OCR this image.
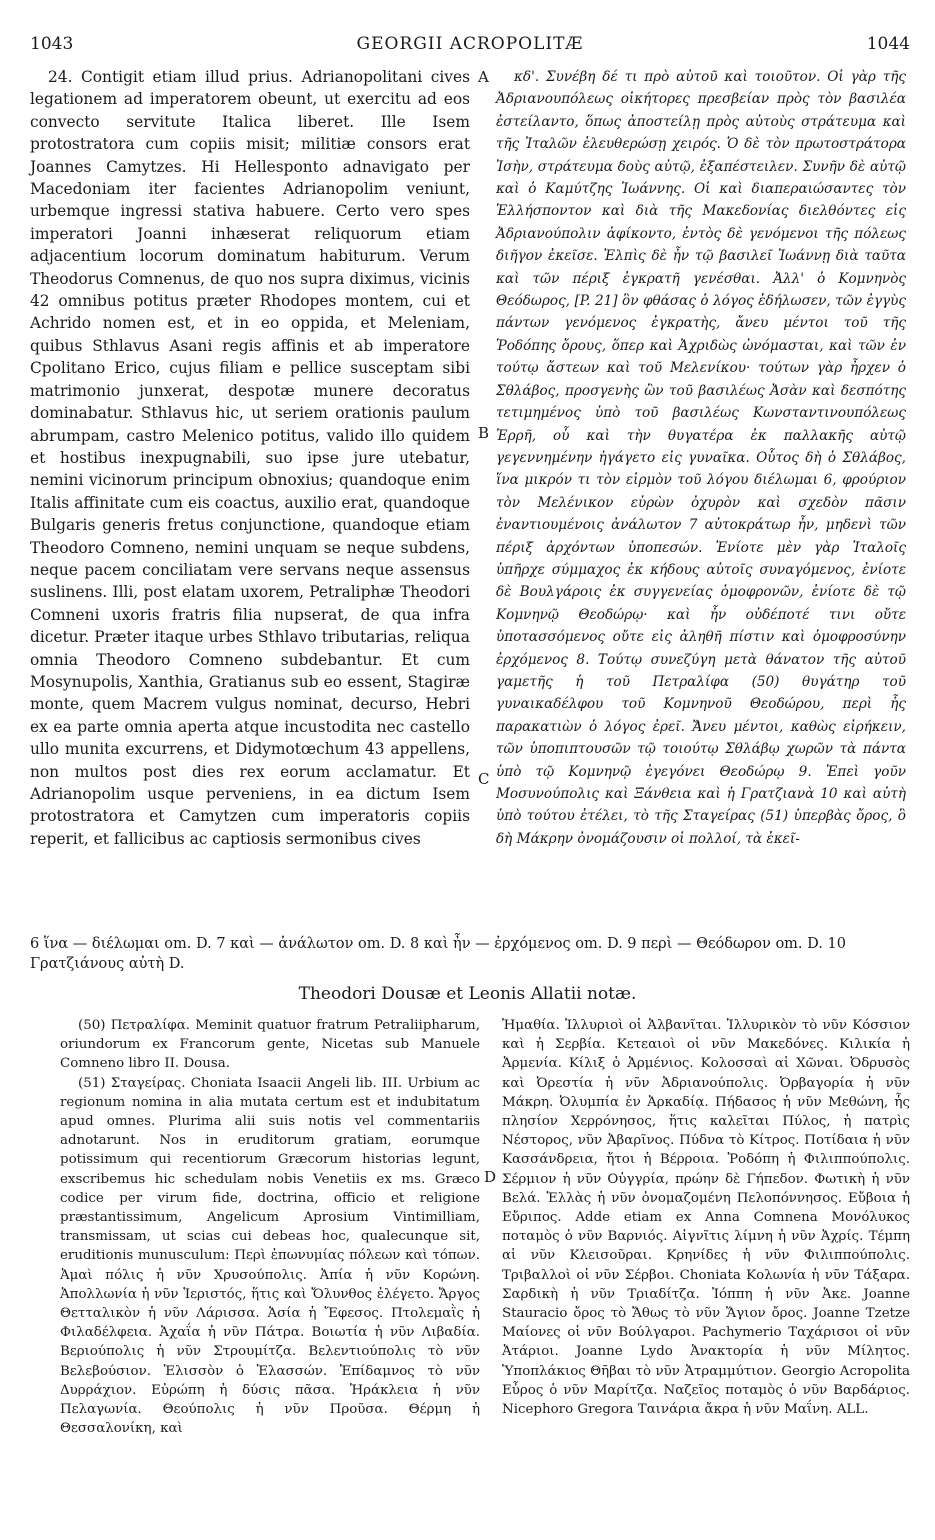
1043	GEORGII ACROPOLITÆ	1044

24. Contigit etiam illud prius. Adrianopolitani cives legationem ad imperatorem obeunt, ut exercitu ad eos convecto servitute Italica liberet. Ille Isem protostratora cum copiis misit; militiæ consors erat Joannes Camytzes. Hi Hellesponto adnavigato per Macedoniam iter facientes Adrianopolim veniunt, urbemque ingressi stativa habuere. Certo vero spes imperatori Joanni inhæserat reliquorum etiam adjacentium locorum dominatum habiturum. Verum Theodorus Comnenus, de quo nos supra diximus, vicinis 42 omnibus potitus præter Rhodopes montem, cui et Achrido nomen est, et in eo oppida, et Meleniam, quibus Sthlavus Asani regis affinis et ab imperatore Cpolitano Erico, cujus filiam e pellice susceptam sibi matrimonio junxerat, despotæ munere decoratus dominabatur. Sthlavus hic, ut seriem orationis paulum abrumpam, castro Melenico potitus, valido illo quidem et hostibus inexpugnabili, suo ipse jure utebatur, nemini vicinorum principum obnoxius; quandoque enim Italis affinitate cum eis coactus, auxilio erat, quandoque Bulgaris generis fretus conjunctione, quandoque etiam Theodoro Comneno, nemini unquam se neque subdens, neque pacem conciliatam vere servans neque assensus suslinens. Illi, post elatam uxorem, Petraliphæ Theodori Comneni uxoris fratris filia nupserat, de qua infra dicetur. Præter itaque urbes Sthlavo tributarias, reliqua omnia Theodoro Comneno subdebantur. Et cum Mosynupolis, Xanthia, Gratianus sub eo essent, Stagiræ monte, quem Macrem vulgus nominat, decurso, Hebri ex ea parte omnia aperta atque incustodita nec castello ullo munita excurrens, et Didymotœchum 43 appellens, non multos post dies rex eorum acclamatur. Et Adrianopolim usque perveniens, in ea dictum Isem protostratora et Camytzen cum imperatoris copiis reperit, et fallicibus ac captiosis sermonibus cives

A
B
C
D

κδ'. Συνέβη δέ τι πρὸ αὐτοῦ καὶ τοιοῦτον. Οἱ γὰρ τῆς Ἀδριανουπόλεως οἰκήτορες πρεσβείαν πρὸς τὸν βασιλέα ἐστείλαντο, ὅπως ἀποστείλῃ πρὸς αὐτοὺς στράτευμα καὶ τῆς Ἰταλῶν ἐλευθερώσῃ χειρός. Ὁ δὲ τὸν πρωτοστράτορα Ἰσὴν, στράτευμα δοὺς αὐτῷ, ἐξαπέστειλεν. Συνῆν δὲ αὐτῷ καὶ ὁ Καμύτζης Ἰωάννης. Οἱ καὶ διαπεραιώσαντες τὸν Ἑλλήσποντον καὶ διὰ τῆς Μακεδονίας διελθόντες εἰς Ἀδριανούπολιν ἀφίκοντο, ἐντὸς δὲ γενόμενοι τῆς πόλεως διῆγον ἐκεῖσε. Ἐλπὶς δὲ ἦν τῷ βασιλεῖ Ἰωάννῃ διὰ ταῦτα καὶ τῶν πέριξ ἐγκρατῆ γενέσθαι. Ἀλλ' ὁ Κομνηνὸς Θεόδωρος, [P. 21] ὃν φθάσας ὁ λόγος ἐδήλωσεν, τῶν ἐγγὺς πάντων γενόμενος ἐγκρατὴς, ἄνευ μέντοι τοῦ τῆς Ῥοδόπης ὄρους, ὅπερ καὶ Ἀχριδὼς ὠνόμασται, καὶ τῶν ἐν τούτῳ ἄστεων καὶ τοῦ Μελενίκου· τούτων γὰρ ἦρχεν ὁ Σθλάβος, προσγενὴς ὢν τοῦ βασιλέως Ἀσὰν καὶ δεσπότης τετιμημένος ὑπὸ τοῦ βασιλέως Κωνσταντινουπόλεως Ἐρρῆ, οὗ καὶ τὴν θυγατέρα ἐκ παλλακῆς αὐτῷ γεγεννημένην ἠγάγετο εἰς γυναῖκα. Οὗτος δὴ ὁ Σθλάβος, ἵνα μικρόν τι τὸν εἱρμὸν τοῦ λόγου διέλωμαι 6, φρούριον τὸν Μελένικον εὑρὼν ὀχυρὸν καὶ σχεδὸν πᾶσιν ἐναντιουμένοις ἀνάλωτον 7 αὐτοκράτωρ ἦν, μηδενὶ τῶν πέριξ ἀρχόντων ὑποπεσών. Ἐνίοτε μὲν γὰρ Ἰταλοῖς ὑπῆρχε σύμμαχος ἐκ κήδους αὐτοῖς συναγόμενος, ἐνίοτε δὲ Βουλγάροις ἐκ συγγενείας ὁμοφρονῶν, ἐνίοτε δὲ τῷ Κομνηνῷ Θεοδώρῳ· καὶ ἦν οὐδέποτέ τινι οὔτε ὑποτασσόμενος οὔτε εἰς ἀληθῆ πίστιν καὶ ὁμοφροσύνην ἐρχόμενος 8. Τούτῳ συνεζύγη μετὰ θάνατον τῆς αὐτοῦ γαμετῆς ἡ τοῦ Πετραλίφα (50) θυγάτηρ τοῦ γυναικαδέλφου τοῦ Κομνηνοῦ Θεοδώρου, περὶ ἧς παρακατιὼν ὁ λόγος ἐρεῖ. Ἄνευ μέντοι, καθὼς εἰρήκειν, τῶν ὑποπιπτουσῶν τῷ τοιούτῳ Σθλάβῳ χωρῶν τὰ πάντα ὑπὸ τῷ Κομνηνῷ ἐγεγόνει Θεοδώρῳ 9. Ἐπεὶ γοῦν Μοσυνούπολις καὶ Ξάνθεια καὶ ἡ Γρατζιανὰ 10 καὶ αὐτὴ ὑπὸ τούτου ἐτέλει, τὸ τῆς Σταγείρας (51) ὑπερβὰς ὄρος, ὃ δὴ Μάκρην ὀνομάζουσιν οἱ πολλοί, τὰ ἐκεῖ-

6 ἵνα — διέλωμαι om. D. 7 καὶ — ἀνάλωτον om. D. 8 καὶ ἦν — ἐρχόμενος om. D. 9 περὶ — Θεόδωρον om. D. 10 Γρατζιάνους αὐτὴ D.
Theodori Dousæ et Leonis Allatii notæ.

(50) Πετραλίφα. Meminit quatuor fratrum Petraliipharum, oriundorum ex Francorum gente, Nicetas sub Manuele Comneno libro II. Dousa.

(51) Σταγείρας. Choniata Isaacii Angeli lib. III. Urbium ac regionum nomina in alia mutata certum est et indubitatum apud omnes. Plurima alii suis notis vel commentariis adnotarunt. Nos in eruditorum gratiam, eorumque potissimum qui recentiorum Græcorum historias legunt, exscribemus hic schedulam nobis Venetiis ex ms. Græco codice per virum fide, doctrina, officio et religione præstantissimum, Angelicum Aprosium Vintimilliam, transmissam, ut scias cui debeas hoc, qualecunque sit, eruditionis munusculum: Περὶ ἐπωνυμίας πόλεων καὶ τόπων. Ἀμαὶ πόλις ἡ νῦν Χρυσούπολις. Ἀπία ἡ νῦν Κορώνη. Ἀπολλωνία ἡ νῦν Ἱεριστός, ἥτις καὶ Ὄλυνθος ἐλέγετο. Ἄργος Θετταλικὸν ἡ νῦν Λάρισσα. Ἀσία ἡ Ἔφεσος. Πτολεμαῒς ἡ Φιλαδέλφεια. Ἀχαΐα ἡ νῦν Πάτρα. Βοιωτία ἡ νῦν Λιβαδία. Βεριούπολις ἡ νῦν Στρουμίτζα. Βελεντιούπολις τὸ νῦν Βελεβούσιον. Ἐλισσὸν ὁ Ἐλασσών. Ἐπίδαμνος τὸ νῦν Δυρράχιον. Εὐρώπη ἡ δύσις πᾶσα. Ἡράκλεια ἡ νῦν Πελαγωνία. Θεούπολις ἡ νῦν Προῦσα. Θέρμη ἡ Θεσσαλονίκη, καὶ

Ἠμαθία. Ἰλλυριοὶ οἱ Ἀλβανῖται. Ἰλλυρικὸν τὸ νῦν Κόσσιον καὶ ἡ Σερβία. Κετεαιοὶ οἱ νῦν Μακεδόνες. Κιλικία ἡ Ἀρμενία. Κίλιξ ὁ Ἀρμένιος. Κολοσσαὶ αἱ Χῶναι. Ὀδρυσὸς καὶ Ὀρεστία ἡ νῦν Ἀδριανούπολις. Ὀρβαγορία ἡ νῦν Μάκρη. Ὀλυμπία ἐν Ἀρκαδίᾳ. Πήδασος ἡ νῦν Μεθώνη, ἧς πλησίον Χερρόνησος, ἥτις καλεῖται Πύλος, ἡ πατρὶς Νέστορος, νῦν Ἀβαρῖνος. Πύδνα τὸ Κίτρος. Ποτίδαια ἡ νῦν Κασσάνδρεια, ἤτοι ἡ Βέρροια. Ῥοδόπη ἡ Φιλιππούπολις. Σέρμιον ἡ νῦν Οὐγγρία, πρώην δὲ Γήπεδον. Φωτικὴ ἡ νῦν Βελά. Ἑλλὰς ἡ νῦν ὀνομαζομένη Πελοπόννησος. Εὔβοια ἡ Εὔριπος. Adde etiam ex Anna Comnena Μονόλυκος ποταμὸς ὁ νῦν Βαρνιός. Αἰγνῖτις λίμνη ἡ νῦν Ἀχρίς. Τέμπη αἱ νῦν Κλεισοῦραι. Κρηνίδες ἡ νῦν Φιλιππούπολις. Τριβαλλοὶ οἱ νῦν Σέρβοι. Choniata Κολωνία ἡ νῦν Τάξαρα. Σαρδικὴ ἡ νῦν Τριαδίτζα. Ἰόππη ἡ νῦν Ἀκε. Joanne Stauracio ὄρος τὸ Ἄθως τὸ νῦν Ἅγιον ὄρος. Joanne Tzetze Μαίονες οἱ νῦν Βούλγαροι. Pachymerio Ταχάρισοι οἱ νῦν Ἀτάριοι. Joanne Lydo Ἀνακτορία ἡ νῦν Μίλητος. Ὑποπλάκιος Θῆβαι τὸ νῦν Ἀτραμμύτιον. Georgio Acropolita Εὖρος ὁ νῦν Μαρίτζα. Ναζεῖος ποταμὸς ὁ νῦν Βαρδάριος. Nicephoro Gregora Ταινάρια ἄκρα ἡ νῦν Μαΐνη. ALL.
